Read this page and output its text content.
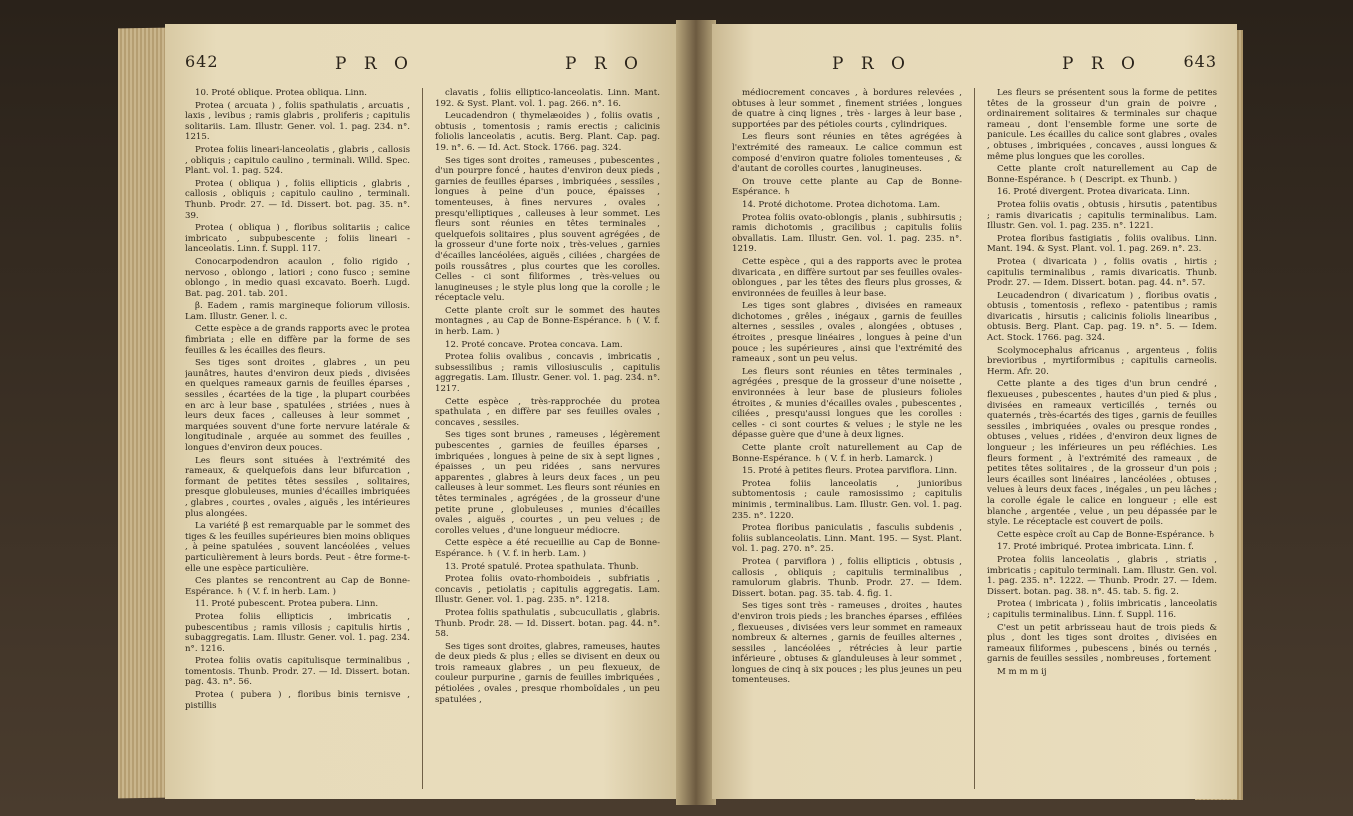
642	P R O	P R O

10. Proté oblique. Protea obliqua. Linn.

Protea ( arcuata ) , foliis spathulatis , arcuatis , laxis , levibus ; ramis glabris , proliferis ; capitulis solitariis. Lam. Illustr. Gener. vol. 1. pag. 234. n°. 1215.

Protea foliis lineari-lanceolatis , glabris , callosis , obliquis ; capitulo caulino , terminali. Willd. Spec. Plant. vol. 1. pag. 524.

Protea ( obliqua ) , foliis ellipticis , glabris , callosis , obliquis ; capitulo caulino , terminali. Thunb. Prodr. 27. — Id. Dissert. bot. pag. 35. n°. 39.

Protea ( obliqua ) , floribus solitariis ; calice imbricato , subpubescente ; foliis lineari - lanceolatis. Linn. f. Suppl. 117.

Conocarpodendron acaulon , folio rigido , nervoso , oblongo , latiori ; cono fusco ; semine oblongo , in medio quasi excavato. Boerh. Lugd. Bat. pag. 201. tab. 201.

β. Eadem , ramis margineque foliorum villosis. Lam. Illustr. Gener. l. c.

Cette espèce a de grands rapports avec le protea fimbriata ; elle en diffère par la forme de ses feuilles & les écailles des fleurs.

Ses tiges sont droites , glabres , un peu jaunâtres, hautes d'environ deux pieds , divisées en quelques rameaux garnis de feuilles éparses , sessiles , écartées de la tige , la plupart courbées en arc à leur base , spatulées , striées , nues à leurs deux faces , calleuses à leur sommet , marquées souvent d'une forte nervure latérale & longitudinale , arquée au sommet des feuilles , longues d'environ deux pouces.

Les fleurs sont situées à l'extrémité des rameaux, & quelquefois dans leur bifurcation , formant de petites têtes sessiles , solitaires, presque globuleuses, munies d'écailles imbriquées , glabres , courtes , ovales , aiguës , les intérieures plus alongées.

La variété β est remarquable par le sommet des tiges & les feuilles supérieures bien moins obliques , à peine spatulées , souvent lancéolées , velues particulièrement à leurs bords. Peut - être forme-t-elle une espèce particulière.

Ces plantes se rencontrent au Cap de Bonne-Espérance. ♄ ( V. f. in herb. Lam. )

11. Proté pubescent. Protea pubera. Linn.

Protea foliis ellipticis , imbricatis , pubescentibus ; ramis villosis ; capitulis hirtis , subaggregatis. Lam. Illustr. Gener. vol. 1. pag. 234. n°. 1216.

Protea foliis ovatis capitulisque terminalibus , tomentosis. Thunb. Prodr. 27. — Id. Dissert. botan. pag. 43. n°. 56.

Protea ( pubera ) , floribus binis ternisve , pistillis

clavatis , foliis elliptico-lanceolatis. Linn. Mant. 192. & Syst. Plant. vol. 1. pag. 266. n°. 16.

Leucadendron ( thymelæoides ) , foliis ovatis , obtusis , tomentosis ; ramis erectis ; calicinis foliolis lanceolatis , acutis. Berg. Plant. Cap. pag. 19. n°. 6. — Id. Act. Stock. 1766. pag. 324.

Ses tiges sont droites , rameuses , pubescentes , d'un pourpre foncé , hautes d'environ deux pieds , garnies de feuilles éparses , imbriquées , sessiles , longues à peine d'un pouce, épaisses , tomenteuses, à fines nervures , ovales , presqu'elliptiques , calleuses à leur sommet. Les fleurs sont réunies en têtes terminales , quelquefois solitaires , plus souvent agrégées , de la grosseur d'une forte noix , très-velues , garnies d'écailles lancéolées, aiguës , ciliées , chargées de poils roussâtres , plus courtes que les corolles. Celles - ci sont filiformes , très-velues ou lanugineuses ; le style plus long que la corolle ; le réceptacle velu.

Cette plante croît sur le sommet des hautes montagnes , au Cap de Bonne-Espérance. ♄ ( V. f. in herb. Lam. )

12. Proté concave. Protea concava. Lam.

Protea foliis ovalibus , concavis , imbricatis , subsessilibus ; ramis villosiusculis , capitulis aggregatis. Lam. Illustr. Gener. vol. 1. pag. 234. n°. 1217.

Cette espèce , très-rapprochée du protea spathulata , en diffère par ses feuilles ovales , concaves , sessiles.

Ses tiges sont brunes , rameuses , légèrement pubescentes , garnies de feuilles éparses , imbriquées , longues à peine de six à sept lignes , épaisses , un peu ridées , sans nervures apparentes , glabres à leurs deux faces , un peu calleuses à leur sommet. Les fleurs sont réunies en têtes terminales , agrégées , de la grosseur d'une petite prune , globuleuses , munies d'écailles ovales , aiguës , courtes , un peu velues ; de corolles velues , d'une longueur médiocre.

Cette espèce a été recueillie au Cap de Bonne-Espérance. ♄ ( V. f. in herb. Lam. )

13. Proté spatulé. Protea spathulata. Thunb.

Protea foliis ovato-rhomboideis , subfriatis , concavis , petiolatis ; capitulis aggregatis. Lam. Illustr. Gener. vol. 1. pag. 235. n°. 1218.

Protea foliis spathulatis , subcucullatis , glabris. Thunb. Prodr. 28. — Id. Dissert. botan. pag. 44. n°. 58.

Ses tiges sont droites, glabres, rameuses, hautes de deux pieds & plus ; elles se divisent en deux ou trois rameaux glabres , un peu flexueux, de couleur purpurine , garnis de feuilles imbriquées , pétiolées , ovales , presque rhomboïdales , un peu spatulées ,

P R O	P R O	643

médiocrement concaves , à bordures relevées , obtuses à leur sommet , finement striées , longues de quatre à cinq lignes , très - larges à leur base , supportées par des pétioles courts , cylindriques.

Les fleurs sont réunies en têtes agrégées à l'extrémité des rameaux. Le calice commun est composé d'environ quatre folioles tomenteuses , & d'autant de corolles courtes , lanugineuses.

On trouve cette plante au Cap de Bonne-Espérance. ♄

14. Proté dichotome. Protea dichotoma. Lam.

Protea foliis ovato-oblongis , planis , subhirsutis ; ramis dichotomis , gracilibus ; capitulis foliis obvallatis. Lam. Illustr. Gen. vol. 1. pag. 235. n°. 1219.

Cette espèce , qui a des rapports avec le protea divaricata , en diffère surtout par ses feuilles ovales-oblongues , par les têtes des fleurs plus grosses, & environnées de feuilles à leur base.

Les tiges sont glabres , divisées en rameaux dichotomes , grêles , inégaux , garnis de feuilles alternes , sessiles , ovales , alongées , obtuses , étroites , presque linéaires , longues à peine d'un pouce ; les supérieures , ainsi que l'extrémité des rameaux , sont un peu velus.

Les fleurs sont réunies en têtes terminales , agrégées , presque de la grosseur d'une noisette , environnées à leur base de plusieurs folioles étroites , & munies d'écailles ovales , pubescentes , ciliées , presqu'aussi longues que les corolles : celles - ci sont courtes & velues ; le style ne les dépasse guère que d'une à deux lignes.

Cette plante croît naturellement au Cap de Bonne-Espérance. ♄ ( V. f. in herb. Lamarck. )

15. Proté à petites fleurs. Protea parviflora. Linn.

Protea foliis lanceolatis , junioribus subtomentosis ; caule ramosissimo ; capitulis minimis , terminalibus. Lam. Illustr. Gen. vol. 1. pag. 235. n°. 1220.

Protea floribus paniculatis , fasculis subdenis , foliis sublanceolatis. Linn. Mant. 195. — Syst. Plant. vol. 1. pag. 270. n°. 25.

Protea ( parviflora ) , foliis ellipticis , obtusis , callosis , obliquis ; capitulis terminalibus , ramulorum glabris. Thunb. Prodr. 27. — Idem. Dissert. botan. pag. 35. tab. 4. fig. 1.

Ses tiges sont très - rameuses , droites , hautes d'environ trois pieds ; les branches éparses , effilées , flexueuses , divisées vers leur sommet en rameaux nombreux & alternes , garnis de feuilles alternes , sessiles , lancéolées , rétrécies à leur partie inférieure , obtuses & glanduleuses à leur sommet , longues de cinq à six pouces ; les plus jeunes un peu tomenteuses.

Les fleurs se présentent sous la forme de petites têtes de la grosseur d'un grain de poivre , ordinairement solitaires & terminales sur chaque rameau , dont l'ensemble forme une sorte de panicule. Les écailles du calice sont glabres , ovales , obtuses , imbriquées , concaves , aussi longues & même plus longues que les corolles.

Cette plante croît naturellement au Cap de Bonne-Espérance. ♄ ( Descript. ex Thunb. )

16. Proté divergent. Protea divaricata. Linn.

Protea foliis ovatis , obtusis , hirsutis , patentibus ; ramis divaricatis ; capitulis terminalibus. Lam. Illustr. Gen. vol. 1. pag. 235. n°. 1221.

Protea floribus fastigiatis , foliis ovalibus. Linn. Mant. 194. & Syst. Plant. vol. 1. pag. 269. n°. 23.

Protea ( divaricata ) , foliis ovatis , hirtis ; capitulis terminalibus , ramis divaricatis. Thunb. Prodr. 27. — Idem. Dissert. botan. pag. 44. n°. 57.

Leucadendron ( divaricatum ) , floribus ovatis , obtusis , tomentosis , reflexo - patentibus ; ramis divaricatis , hirsutis ; calicinis foliolis linearibus , obtusis. Berg. Plant. Cap. pag. 19. n°. 5. — Idem. Act. Stock. 1766. pag. 324.

Scolymocephalus africanus , argenteus , foliis brevioribus , myrtiformibus ; capitulis carneolis. Herm. Afr. 20.

Cette plante a des tiges d'un brun cendré , flexueuses , pubescentes , hautes d'un pied & plus , divisées en rameaux verticillés , ternés ou quaternés , très-écartés des tiges , garnis de feuilles sessiles , imbriquées , ovales ou presque rondes , obtuses , velues , ridées , d'environ deux lignes de longueur ; les inférieures un peu réfléchies. Les fleurs forment , à l'extrémité des rameaux , de petites têtes solitaires , de la grosseur d'un pois ; leurs écailles sont linéaires , lancéolées , obtuses , velues à leurs deux faces , inégales , un peu lâches ; la corolle égale le calice en longueur ; elle est blanche , argentée , velue , un peu dépassée par le style. Le réceptacle est couvert de poils.

Cette espèce croît au Cap de Bonne-Espérance. ♄

17. Proté imbriqué. Protea imbricata. Linn. f.

Protea foliis lanceolatis , glabris , striatis , imbricatis ; capitulo terminali. Lam. Illustr. Gen. vol. 1. pag. 235. n°. 1222. — Thunb. Prodr. 27. — Idem. Dissert. botan. pag. 38. n°. 45. tab. 5. fig. 2.

Protea ( imbricata ) , foliis imbricatis , lanceolatis ; capitulis terminalibus. Linn. f. Suppl. 116.

C'est un petit arbrisseau haut de trois pieds & plus , dont les tiges sont droites , divisées en rameaux filiformes , pubescens , binés ou ternés , garnis de feuilles sessiles , nombreuses , fortement

M m m m ij
